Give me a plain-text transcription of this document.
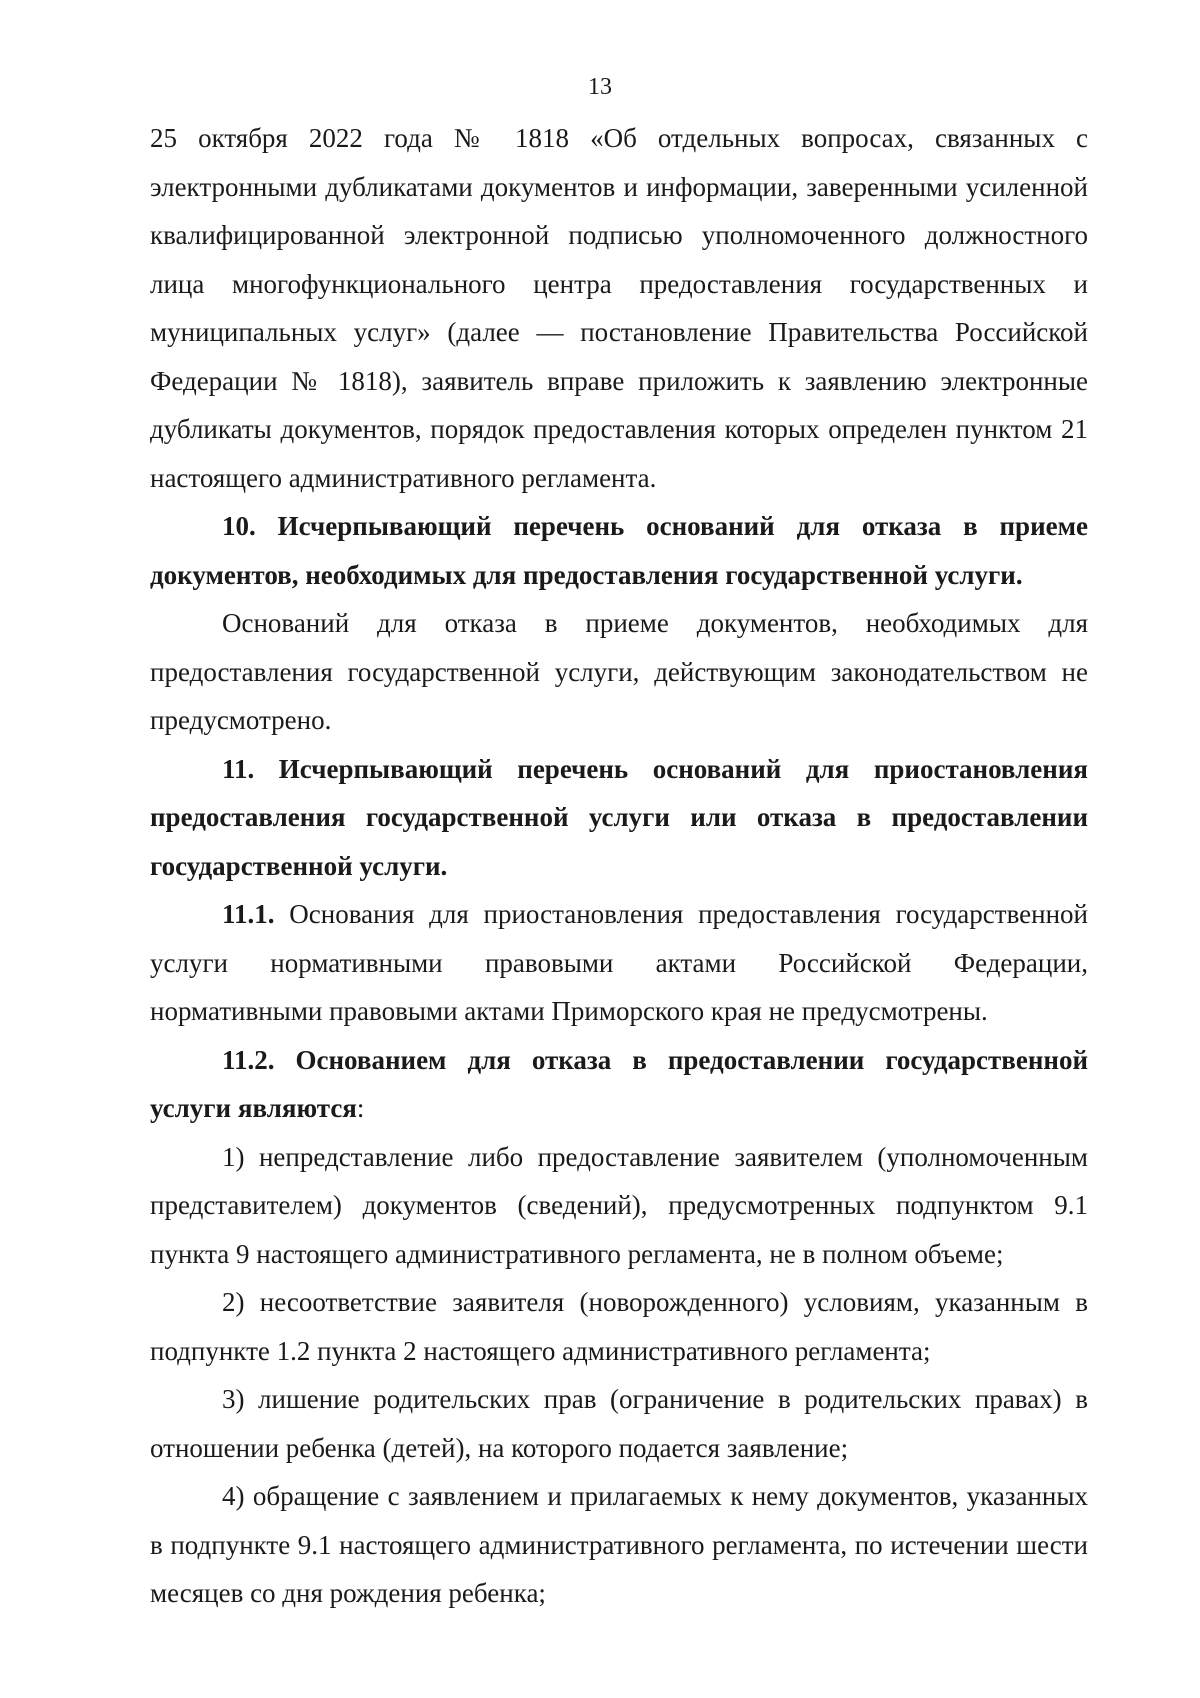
13

25 октября 2022 года № 1818 «Об отдельных вопросах, связанных с электронными дубликатами документов и информации, заверенными усиленной квалифицированной электронной подписью уполномоченного должностного лица многофункционального центра предоставления государственных и муниципальных услуг» (далее — постановление Правительства Российской Федерации № 1818), заявитель вправе приложить к заявлению электронные дубликаты документов, порядок предоставления которых определен пунктом 21 настоящего административного регламента.

10. Исчерпывающий перечень оснований для отказа в приеме документов, необходимых для предоставления государственной услуги.

Оснований для отказа в приеме документов, необходимых для предоставления государственной услуги, действующим законодательством не предусмотрено.

11. Исчерпывающий перечень оснований для приостановления предоставления государственной услуги или отказа в предоставлении государственной услуги.

11.1. Основания для приостановления предоставления государственной услуги нормативными правовыми актами Российской Федерации, нормативными правовыми актами Приморского края не предусмотрены.

11.2. Основанием для отказа в предоставлении государственной услуги являются:

1) непредставление либо предоставление заявителем (уполномоченным представителем) документов (сведений), предусмотренных подпунктом 9.1 пункта 9 настоящего административного регламента, не в полном объеме;

2) несоответствие заявителя (новорожденного) условиям, указанным в подпункте 1.2 пункта 2 настоящего административного регламента;

3) лишение родительских прав (ограничение в родительских правах) в отношении ребенка (детей), на которого подается заявление;

4) обращение с заявлением и прилагаемых к нему документов, указанных в подпункте 9.1 настоящего административного регламента, по истечении шести месяцев со дня рождения ребенка;
